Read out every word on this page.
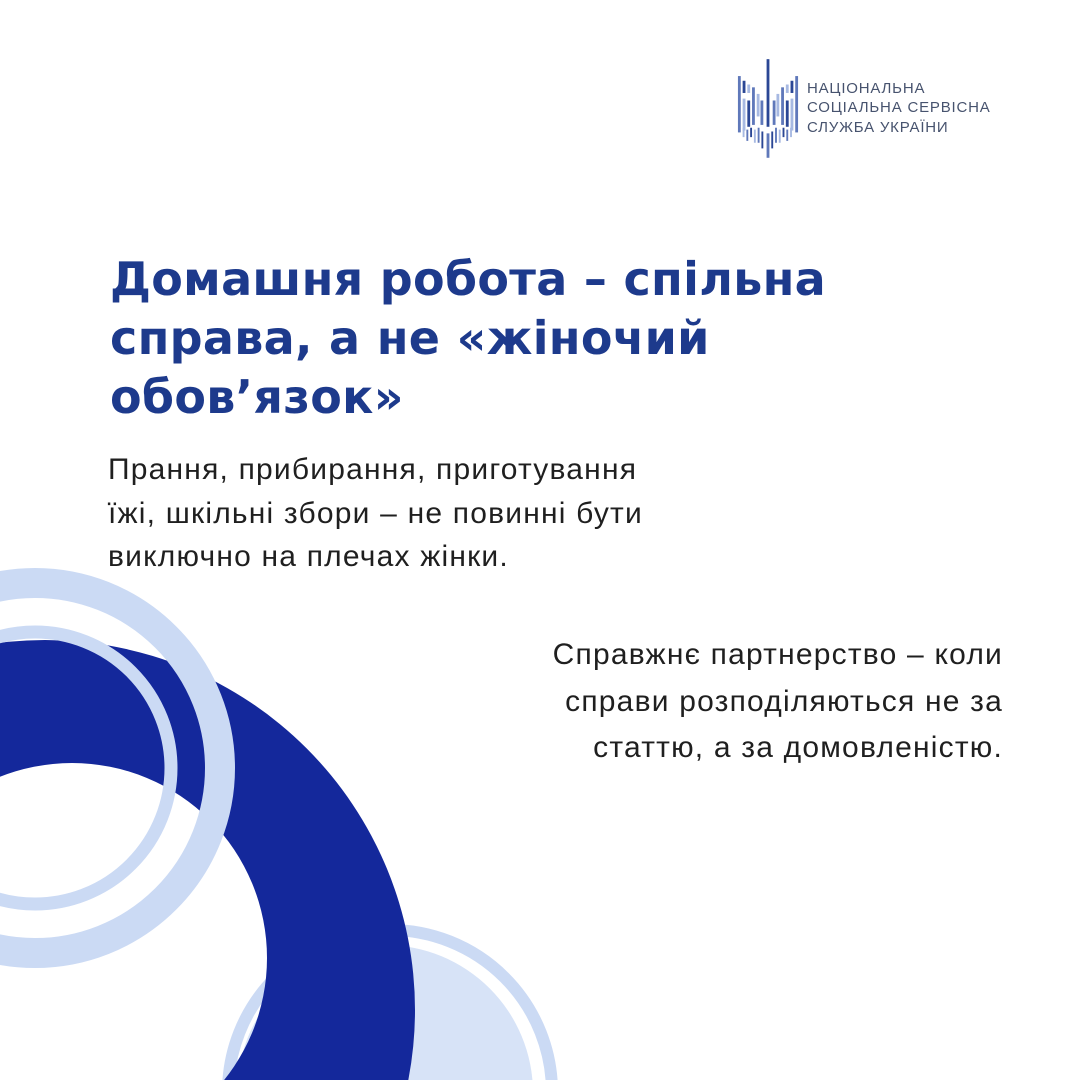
НАЦІОНАЛЬНА
СОЦІАЛЬНА СЕРВІСНА
СЛУЖБА УКРАЇНИ
Домашня робота – спільна
справа, а не «жіночий
обов’язок»
Прання, прибирання, приготування
їжі, шкільні збори – не повинні бути
виключно на плечах жінки.
Справжнє партнерство – коли
справи розподіляються не за
статтю, а за домовленістю.
